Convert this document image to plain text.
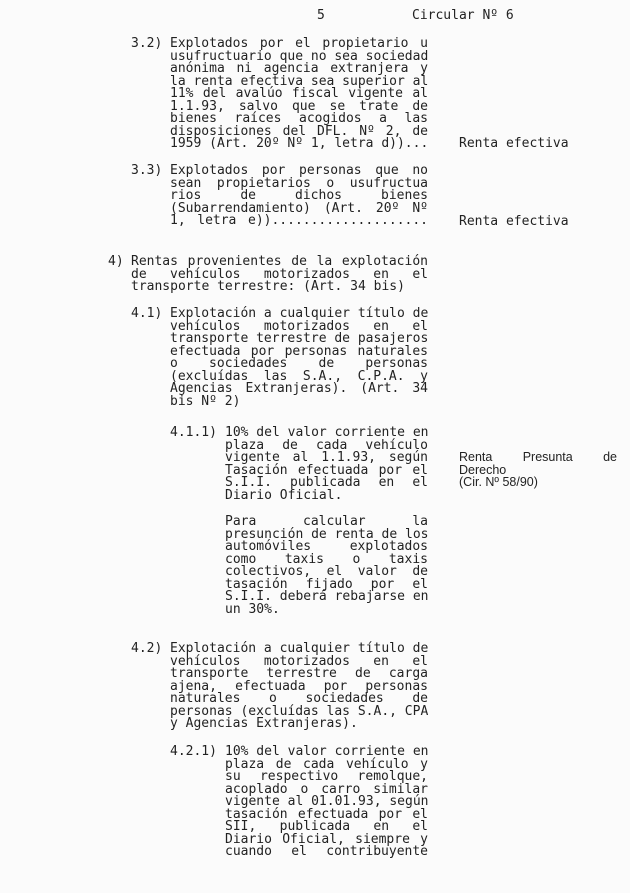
5	Circular Nº 6
3.2) Explotados por el propietario u
usufructuario que no sea sociedad
anónima ni agencia extranjera y
la renta efectiva sea superior al
11% del avalúo fiscal vigente al
1.1.93, salvo que se trate de
bienes raíces acogidos a las
disposiciones del DFL. Nº 2, de
1959 (Art. 20º Nº 1, letra d))... Renta efectiva
3.3) Explotados por personas que no
sean propietarios o usufructua
rios de dichos bienes
(Subarrendamiento) (Art. 20º Nº
1, letra e)).................... Renta efectiva
4) Rentas provenientes de la explotación
de vehículos motorizados en el
transporte terrestre: (Art. 34 bis)
4.1) Explotación a cualquier título de
vehículos motorizados en el
transporte terrestre de pasajeros
efectuada por personas naturales
o sociedades de personas
(excluídas las S.A., C.P.A. y
Agencias Extranjeras). (Art. 34
bis Nº 2)
4.1.1) 10% del valor corriente en
plaza de cada vehículo
vigente al 1.1.93, según
Tasación efectuada por el
S.I.I. publicada en el
Diario Oficial.
Para calcular la
presunción de renta de los
automóviles explotados
como taxis o taxis
colectivos, el valor de
tasación fijado por el
S.I.I. deberá rebajarse en
un 30%.
Renta Presunta de
Derecho
(Cir. Nº 58/90)
4.2) Explotación a cualquier título de
vehículos motorizados en el
transporte terrestre de carga
ajena, efectuada por personas
naturales o sociedades de
personas (excluídas las S.A., CPA
y Agencias Extranjeras).
4.2.1) 10% del valor corriente en
plaza de cada vehículo y
su respectivo remolque,
acoplado o carro similar
vigente al 01.01.93, según
tasación efectuada por el
SII, publicada en el
Diario Oficial, siempre y
cuando el contribuyente
